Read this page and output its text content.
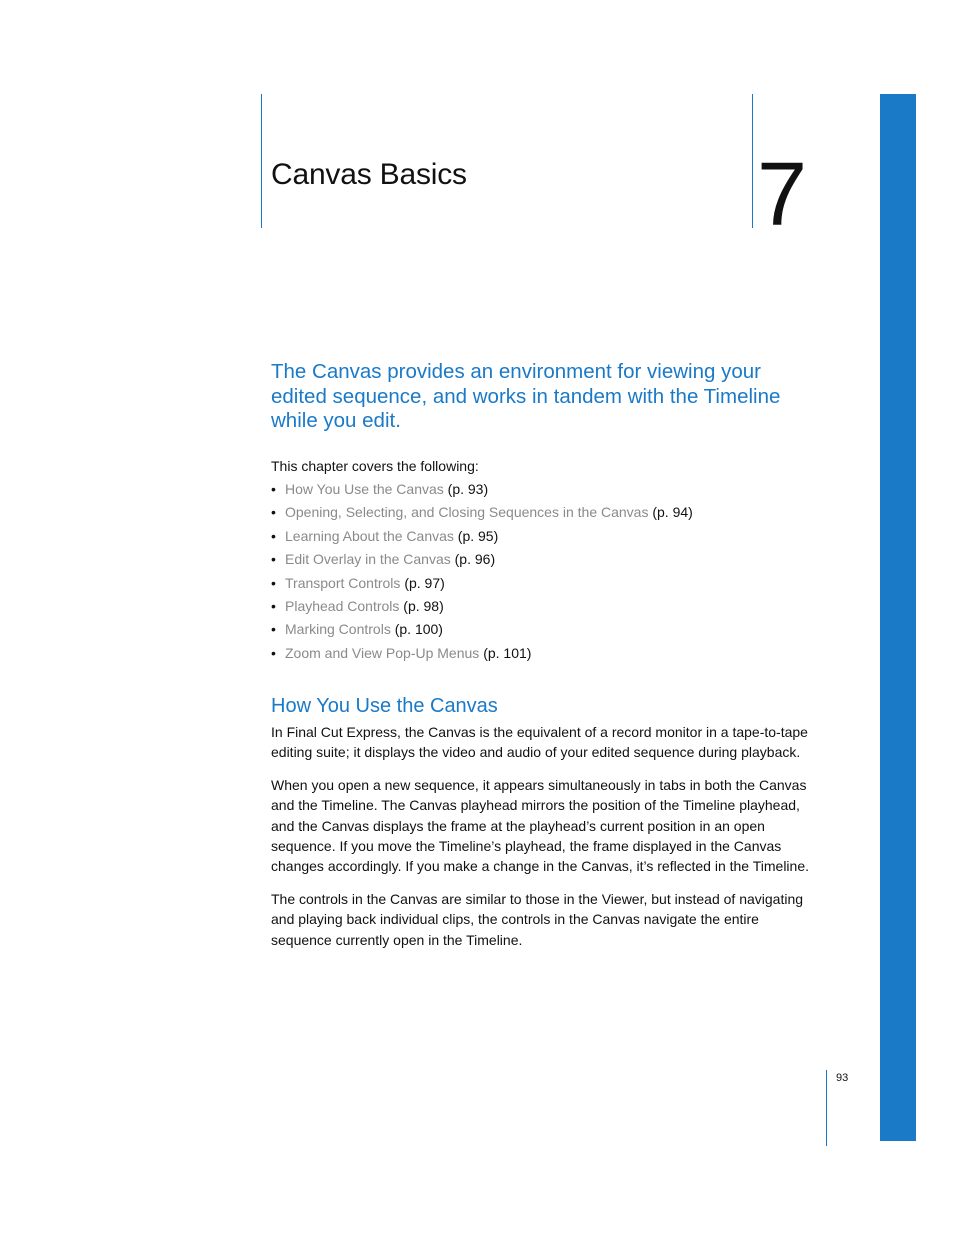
Canvas Basics	7

The Canvas provides an environment for viewing your
edited sequence, and works in tandem with the Timeline
while you edit.

This chapter covers the following:

• How You Use the Canvas (p. 93)
• Opening, Selecting, and Closing Sequences in the Canvas (p. 94)
• Learning About the Canvas (p. 95)
• Edit Overlay in the Canvas (p. 96)
• Transport Controls (p. 97)
• Playhead Controls (p. 98)
• Marking Controls (p. 100)
• Zoom and View Pop-Up Menus (p. 101)
How You Use the Canvas

In Final Cut Express, the Canvas is the equivalent of a record monitor in a tape-to-tape
editing suite; it displays the video and audio of your edited sequence during playback.

When you open a new sequence, it appears simultaneously in tabs in both the Canvas
and the Timeline. The Canvas playhead mirrors the position of the Timeline playhead,
and the Canvas displays the frame at the playhead’s current position in an open
sequence. If you move the Timeline’s playhead, the frame displayed in the Canvas
changes accordingly. If you make a change in the Canvas, it’s reflected in the Timeline.

The controls in the Canvas are similar to those in the Viewer, but instead of navigating
and playing back individual clips, the controls in the Canvas navigate the entire
sequence currently open in the Timeline.

93
